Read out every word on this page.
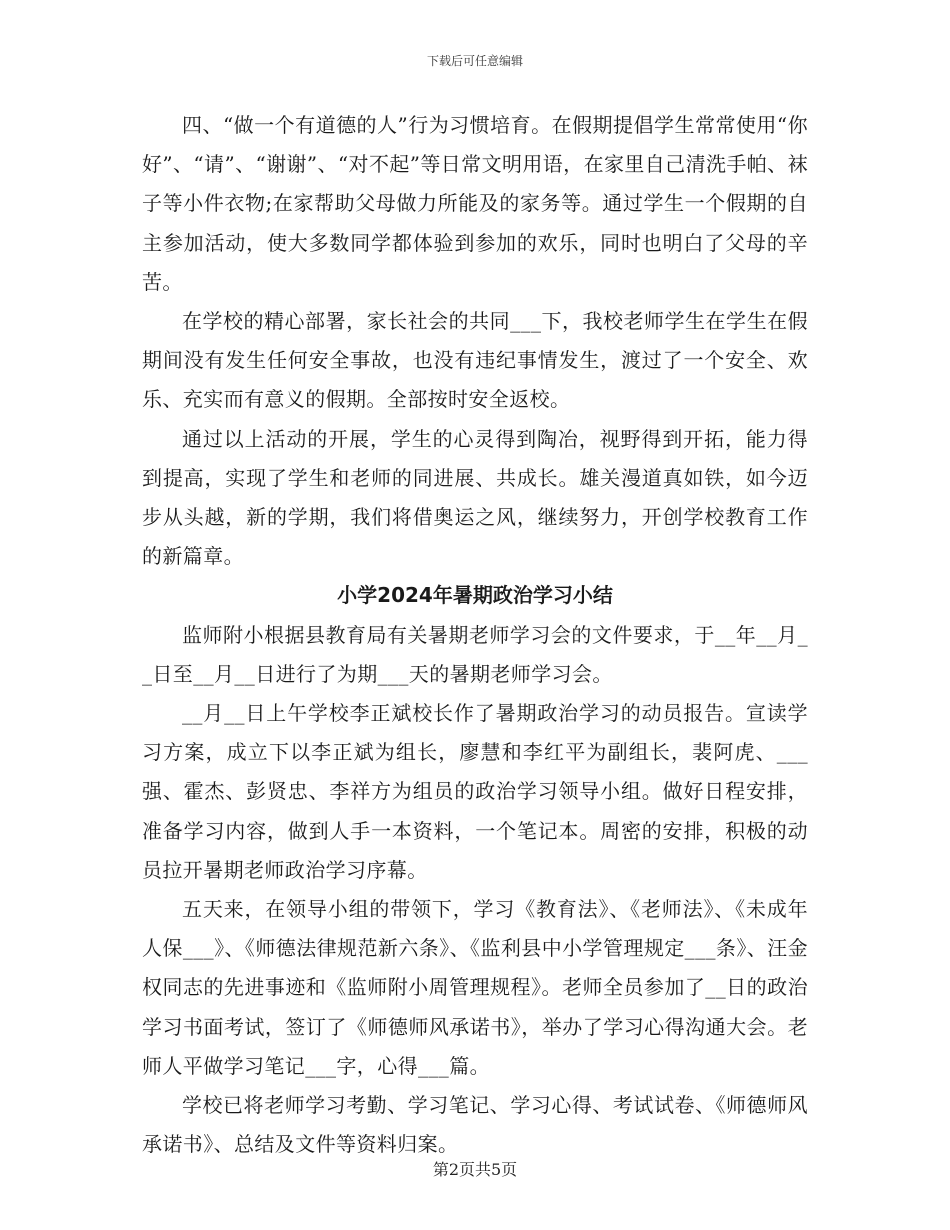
下载后可任意编辑

四、“做一个有道德的人”行为习惯培育。在假期提倡学生常常使用“你好”、“请”、“谢谢”、“对不起”等日常文明用语，在家里自己清洗手帕、袜子等小件衣物;在家帮助父母做力所能及的家务等。通过学生一个假期的自主参加活动，使大多数同学都体验到参加的欢乐，同时也明白了父母的辛苦。

在学校的精心部署，家长社会的共同___下，我校老师学生在学生在假期间没有发生任何安全事故，也没有违纪事情发生，渡过了一个安全、欢乐、充实而有意义的假期。全部按时安全返校。

通过以上活动的开展，学生的心灵得到陶冶，视野得到开拓，能力得到提高，实现了学生和老师的同进展、共成长。雄关漫道真如铁，如今迈步从头越，新的学期，我们将借奥运之风，继续努力，开创学校教育工作的新篇章。

小学2024年暑期政治学习小结

监师附小根据县教育局有关暑期老师学习会的文件要求，于__年__月__日至__月__日进行了为期___天的暑期老师学习会。

__月__日上午学校李正斌校长作了暑期政治学习的动员报告。宣读学习方案，成立下以李正斌为组长，廖慧和李红平为副组长，裴阿虎、___强、霍杰、彭贤忠、李祥方为组员的政治学习领导小组。做好日程安排，准备学习内容，做到人手一本资料，一个笔记本。周密的安排，积极的动员拉开暑期老师政治学习序幕。

五天来，在领导小组的带领下，学习《教育法》、《老师法》、《未成年人保___》、《师德法律规范新六条》、《监利县中小学管理规定___条》、汪金权同志的先进事迹和《监师附小周管理规程》。老师全员参加了__日的政治学习书面考试，签订了《师德师风承诺书》，举办了学习心得沟通大会。老师人平做学习笔记___字，心得___篇。

学校已将老师学习考勤、学习笔记、学习心得、考试试卷、《师德师风承诺书》、总结及文件等资料归案。

第2页共5页
